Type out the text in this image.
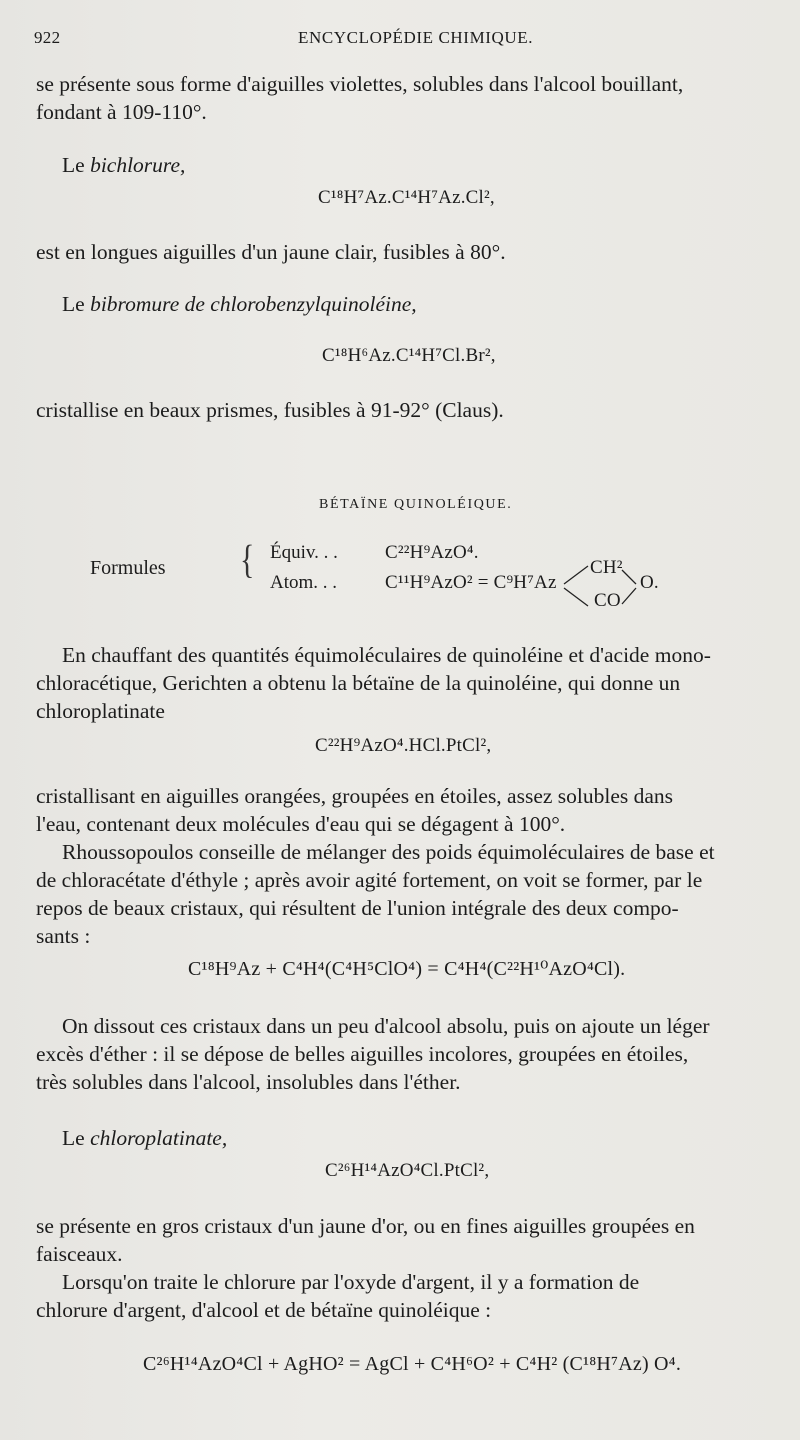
922	ENCYCLOPÉDIE CHIMIQUE.
se présente sous forme d'aiguilles violettes, solubles dans l'alcool bouillant,
fondant à 109-110°.
Le bichlorure,
C¹⁸H⁷Az.C¹⁴H⁷Az.Cl²,
est en longues aiguilles d'un jaune clair, fusibles à 80°.
Le bibromure de chlorobenzylquinoléine,
C¹⁸H⁶Az.C¹⁴H⁷Cl.Br²,
cristallise en beaux prismes, fusibles à 91-92° (Claus).
BÉTAÏNE QUINOLÉIQUE.
Formules { Équiv. . . C²²H⁹AzO⁴.
Atom. . .	C¹¹H⁹AzO² = C⁹H⁷Az
CH²
CO
O.
En chauffant des quantités équimoléculaires de quinoléine et d'acide mono-
chloracétique, Gerichten a obtenu la bétaïne de la quinoléine, qui donne un
chloroplatinate
C²²H⁹AzO⁴.HCl.PtCl²,
cristallisant en aiguilles orangées, groupées en étoiles, assez solubles dans
l'eau, contenant deux molécules d'eau qui se dégagent à 100°.
Rhoussopoulos conseille de mélanger des poids équimoléculaires de base et
de chloracétate d'éthyle ; après avoir agité fortement, on voit se former, par le
repos de beaux cristaux, qui résultent de l'union intégrale des deux compo-
sants :
C¹⁸H⁹Az + C⁴H⁴(C⁴H⁵ClO⁴) = C⁴H⁴(C²²H¹⁰AzO⁴Cl).
On dissout ces cristaux dans un peu d'alcool absolu, puis on ajoute un léger
excès d'éther : il se dépose de belles aiguilles incolores, groupées en étoiles,
très solubles dans l'alcool, insolubles dans l'éther.
Le chloroplatinate,
C²⁶H¹⁴AzO⁴Cl.PtCl²,
se présente en gros cristaux d'un jaune d'or, ou en fines aiguilles groupées en
faisceaux.
Lorsqu'on traite le chlorure par l'oxyde d'argent, il y a formation de
chlorure d'argent, d'alcool et de bétaïne quinoléique :
C²⁶H¹⁴AzO⁴Cl + AgHO² = AgCl + C⁴H⁶O² + C⁴H² (C¹⁸H⁷Az) O⁴.
